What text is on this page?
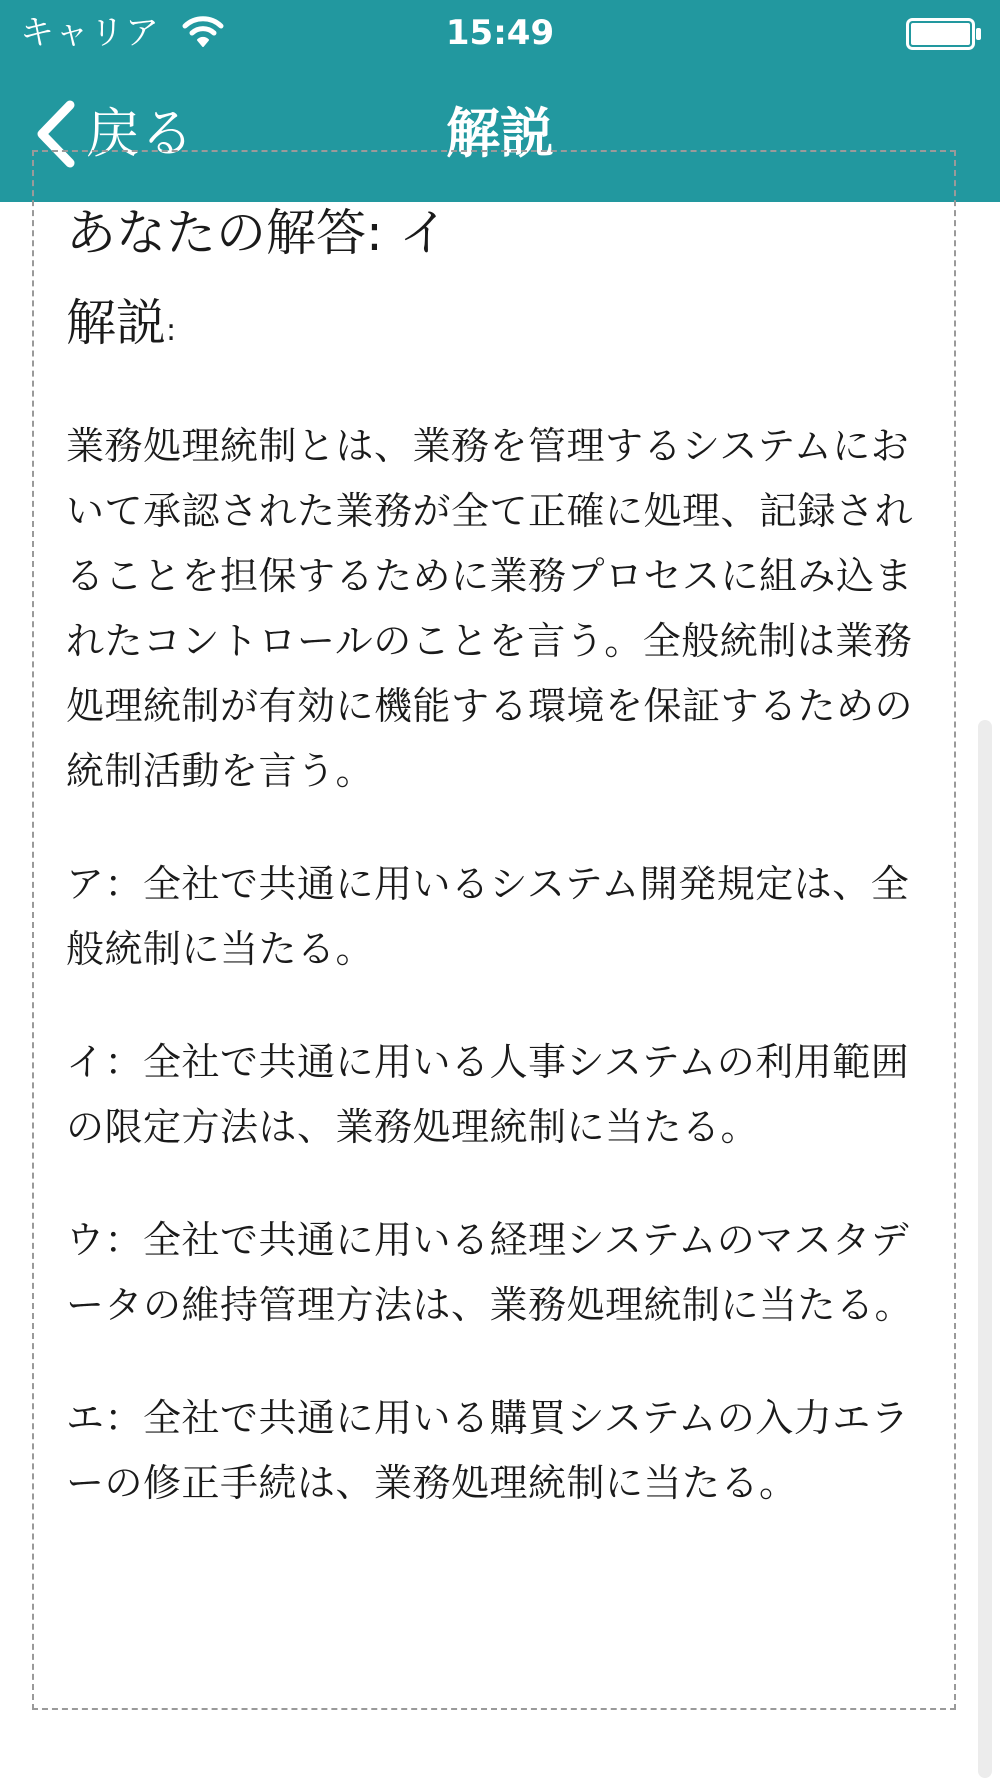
キャリア	15:49
戻る	解説

あなたの解答: イ

解説:

業務処理統制とは、業務を管理するシステムにおいて承認された業務が全て正確に処理、記録されることを担保するために業務プロセスに組み込まれたコントロールのことを言う。全般統制は業務処理統制が有効に機能する環境を保証するための統制活動を言う。

ア：全社で共通に用いるシステム開発規定は、全般統制に当たる。

イ：全社で共通に用いる人事システムの利用範囲の限定方法は、業務処理統制に当たる。

ウ：全社で共通に用いる経理システムのマスタデータの維持管理方法は、業務処理統制に当たる。

エ：全社で共通に用いる購買システムの入力エラーの修正手続は、業務処理統制に当たる。
